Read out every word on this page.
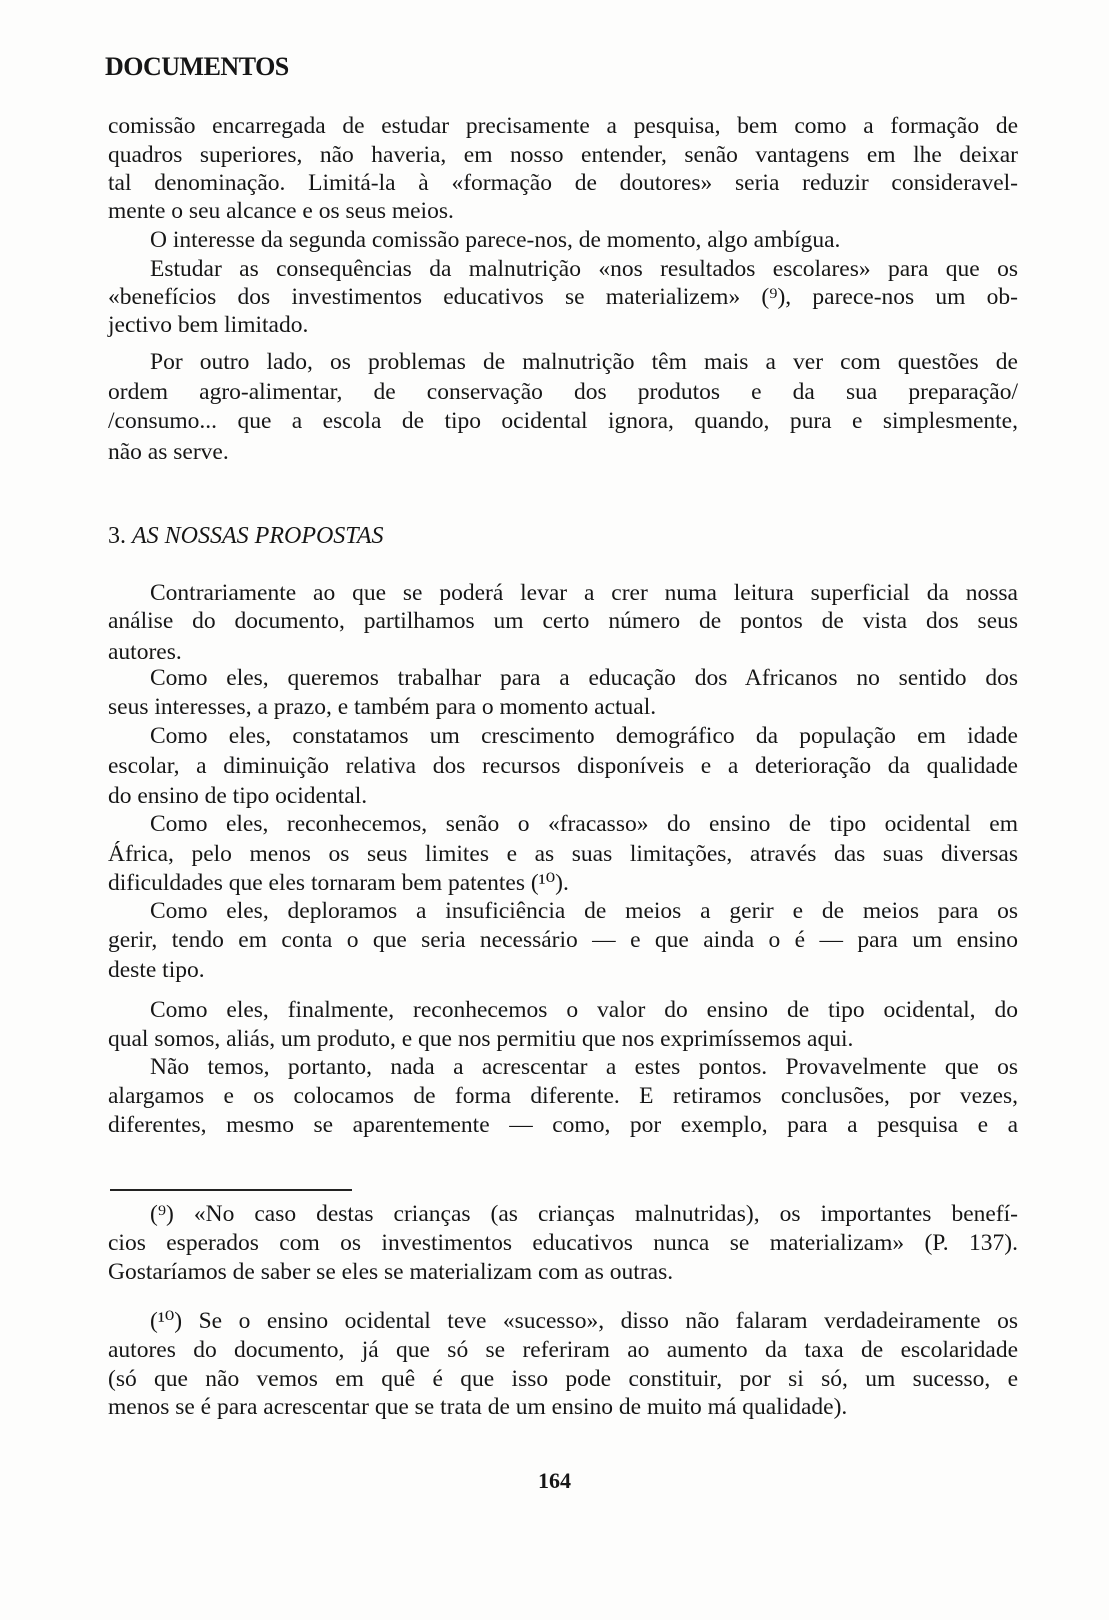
DOCUMENTOS
comissão encarregada de estudar precisamente a pesquisa, bem como a formação de
quadros superiores, não haveria, em nosso entender, senão vantagens em lhe deixar
tal denominação. Limitá-la à «formação de doutores» seria reduzir consideravel-
mente o seu alcance e os seus meios.
O interesse da segunda comissão parece-nos, de momento, algo ambígua.
Estudar as consequências da malnutrição «nos resultados escolares» para que os
«benefícios dos investimentos educativos se materializem» (⁹), parece-nos um ob-
jectivo bem limitado.
Por outro lado, os problemas de malnutrição têm mais a ver com questões de
ordem agro-alimentar, de conservação dos produtos e da sua preparação/
/consumo... que a escola de tipo ocidental ignora, quando, pura e simplesmente,
não as serve.
3. AS NOSSAS PROPOSTAS
Contrariamente ao que se poderá levar a crer numa leitura superficial da nossa
análise do documento, partilhamos um certo número de pontos de vista dos seus
autores.
Como eles, queremos trabalhar para a educação dos Africanos no sentido dos
seus interesses, a prazo, e também para o momento actual.
Como eles, constatamos um crescimento demográfico da população em idade
escolar, a diminuição relativa dos recursos disponíveis e a deterioração da qualidade
do ensino de tipo ocidental.
Como eles, reconhecemos, senão o «fracasso» do ensino de tipo ocidental em
África, pelo menos os seus limites e as suas limitações, através das suas diversas
dificuldades que eles tornaram bem patentes (¹⁰).
Como eles, deploramos a insuficiência de meios a gerir e de meios para os
gerir, tendo em conta o que seria necessário — e que ainda o é — para um ensino
deste tipo.
Como eles, finalmente, reconhecemos o valor do ensino de tipo ocidental, do
qual somos, aliás, um produto, e que nos permitiu que nos exprimíssemos aqui.
Não temos, portanto, nada a acrescentar a estes pontos. Provavelmente que os
alargamos e os colocamos de forma diferente. E retiramos conclusões, por vezes,
diferentes, mesmo se aparentemente — como, por exemplo, para a pesquisa e a
(⁹) «No caso destas crianças (as crianças malnutridas), os importantes benefí-
cios esperados com os investimentos educativos nunca se materializam» (P. 137).
Gostaríamos de saber se eles se materializam com as outras.
(¹⁰) Se o ensino ocidental teve «sucesso», disso não falaram verdadeiramente os
autores do documento, já que só se referiram ao aumento da taxa de escolaridade
(só que não vemos em quê é que isso pode constituir, por si só, um sucesso, e
menos se é para acrescentar que se trata de um ensino de muito má qualidade).
164
